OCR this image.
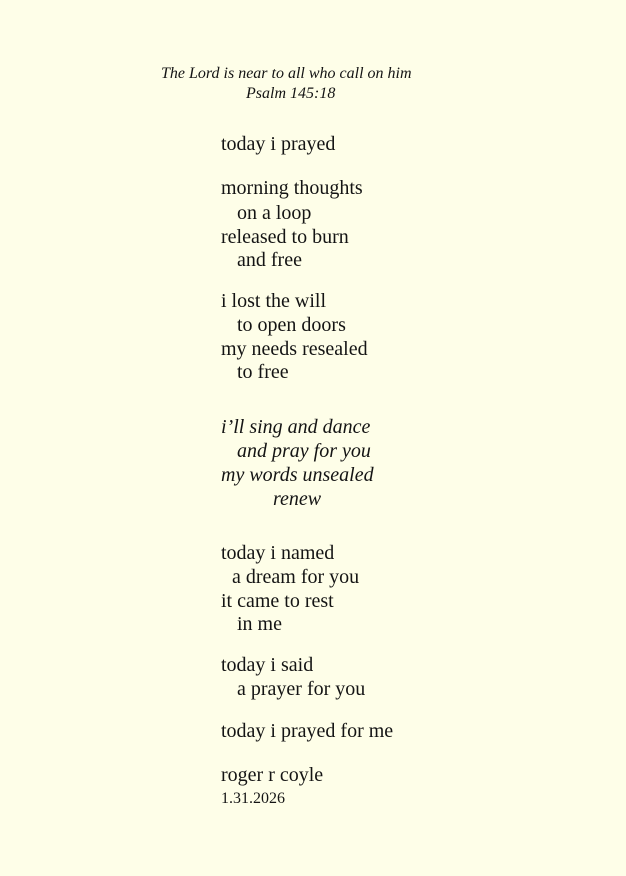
The Lord is near to all who call on him
Psalm 145:18
today i prayed
morning thoughts
on a loop
released to burn
and free
i lost the will
to open doors
my needs resealed
to free
i’ll sing and dance
and pray for you
my words unsealed
renew
today i named
a dream for you
it came to rest
in me
today i said
a prayer for you
today i prayed for me
roger r coyle
1.31.2026
